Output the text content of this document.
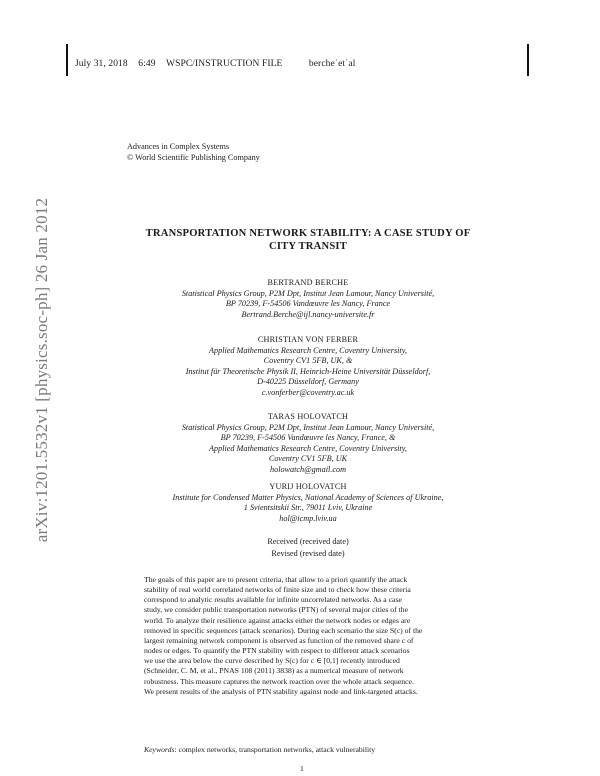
July 31, 2018 6:49 WSPC/INSTRUCTION FILE	berche˙et˙al
arXiv:1201.5532v1 [physics.soc-ph] 26 Jan 2012
Advances in Complex Systems
© World Scientific Publishing Company
TRANSPORTATION NETWORK STABILITY: A CASE STUDY OF
CITY TRANSIT
BERTRAND BERCHE
Statistical Physics Group, P2M Dpt, Institut Jean Lamour, Nancy Université,
BP 70239, F-54506 Vandœuvre les Nancy, France
Bertrand.Berche@ijl.nancy-universite.fr
CHRISTIAN VON FERBER
Applied Mathematics Research Centre, Coventry University,
Coventry CV1 5FB, UK, &
Institut für Theoretische Physik II, Heinrich-Heine Universität Düsseldorf,
D-40225 Düsseldorf, Germany
c.vonferber@coventry.ac.uk
TARAS HOLOVATCH
Statistical Physics Group, P2M Dpt, Institut Jean Lamour, Nancy Université,
BP 70239, F-54506 Vandœuvre les Nancy, France, &
Applied Mathematics Research Centre, Coventry University,
Coventry CV1 5FB, UK
holowatch@gmail.com
YURIJ HOLOVATCH
Institute for Condensed Matter Physics, National Academy of Sciences of Ukraine,
1 Svientsitskii Str., 79011 Lviv, Ukraine
hol@icmp.lviv.ua
Received (received date)
Revised (revised date)
The goals of this paper are to present criteria, that allow to a priori quantify the attack
stability of real world correlated networks of finite size and to check how these criteria
correspond to analytic results available for infinite uncorrelated networks. As a case
study, we consider public transportation networks (PTN) of several major cities of the
world. To analyze their resilience against attacks either the network nodes or edges are
removed in specific sequences (attack scenarios). During each scenario the size S(c) of the
largest remaining network component is observed as function of the removed share c of
nodes or edges. To quantify the PTN stability with respect to different attack scenarios
we use the area below the curve described by S(c) for c ∈ [0,1] recently introduced
(Schneider, C. M, et al., PNAS 108 (2011) 3838) as a numerical measure of network
robustness. This measure captures the network reaction over the whole attack sequence.
We present results of the analysis of PTN stability against node and link-targeted attacks.
Keywords: complex networks, transportation networks, attack vulnerability
1
